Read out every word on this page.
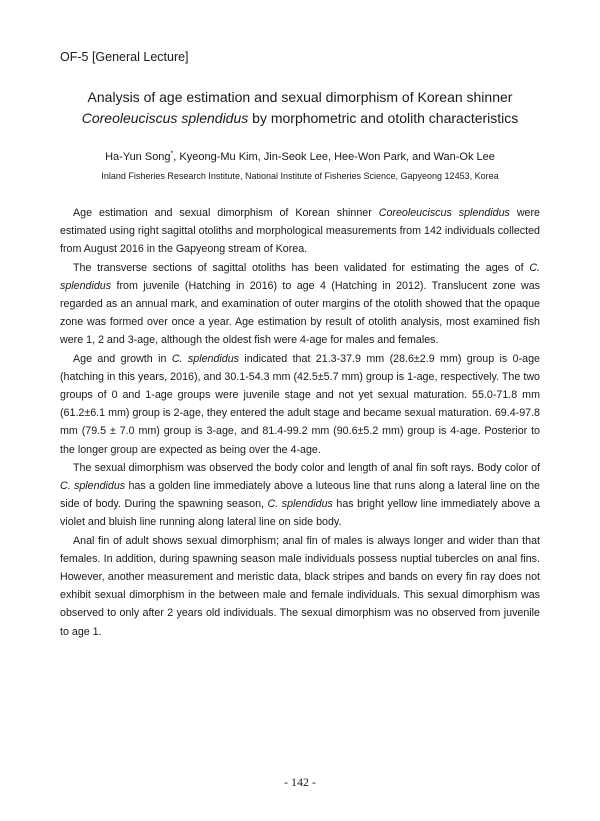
OF-5 [General Lecture]
Analysis of age estimation and sexual dimorphism of Korean shinner Coreoleuciscus splendidus by morphometric and otolith characteristics
Ha-Yun Song*, Kyeong-Mu Kim, Jin-Seok Lee, Hee-Won Park, and Wan-Ok Lee
Inland Fisheries Research Institute, National Institute of Fisheries Science, Gapyeong 12453, Korea

Age estimation and sexual dimorphism of Korean shinner Coreoleuciscus splendidus were estimated using right sagittal otoliths and morphological measurements from 142 individuals collected from August 2016 in the Gapyeong stream of Korea.

The transverse sections of sagittal otoliths has been validated for estimating the ages of C. splendidus from juvenile (Hatching in 2016) to age 4 (Hatching in 2012). Translucent zone was regarded as an annual mark, and examination of outer margins of the otolith showed that the opaque zone was formed over once a year. Age estimation by result of otolith analysis, most examined fish were 1, 2 and 3-age, although the oldest fish were 4-age for males and females.

Age and growth in C. splendidus indicated that 21.3-37.9 mm (28.6±2.9 mm) group is 0-age (hatching in this years, 2016), and 30.1-54.3 mm (42.5±5.7 mm) group is 1-age, respectively. The two groups of 0 and 1-age groups were juvenile stage and not yet sexual maturation. 55.0-71.8 mm (61.2±6.1 mm) group is 2-age, they entered the adult stage and became sexual maturation. 69.4-97.8 mm (79.5 ± 7.0 mm) group is 3-age, and 81.4-99.2 mm (90.6±5.2 mm) group is 4-age. Posterior to the longer group are expected as being over the 4-age.

The sexual dimorphism was observed the body color and length of anal fin soft rays. Body color of C. splendidus has a golden line immediately above a luteous line that runs along a lateral line on the side of body. During the spawning season, C. splendidus has bright yellow line immediately above a violet and bluish line running along lateral line on side body.

Anal fin of adult shows sexual dimorphism; anal fin of males is always longer and wider than that females. In addition, during spawning season male individuals possess nuptial tubercles on anal fins. However, another measurement and meristic data, black stripes and bands on every fin ray does not exhibit sexual dimorphism in the between male and female individuals. This sexual dimorphism was observed to only after 2 years old individuals. The sexual dimorphism was no observed from juvenile to age 1.

- 142 -
